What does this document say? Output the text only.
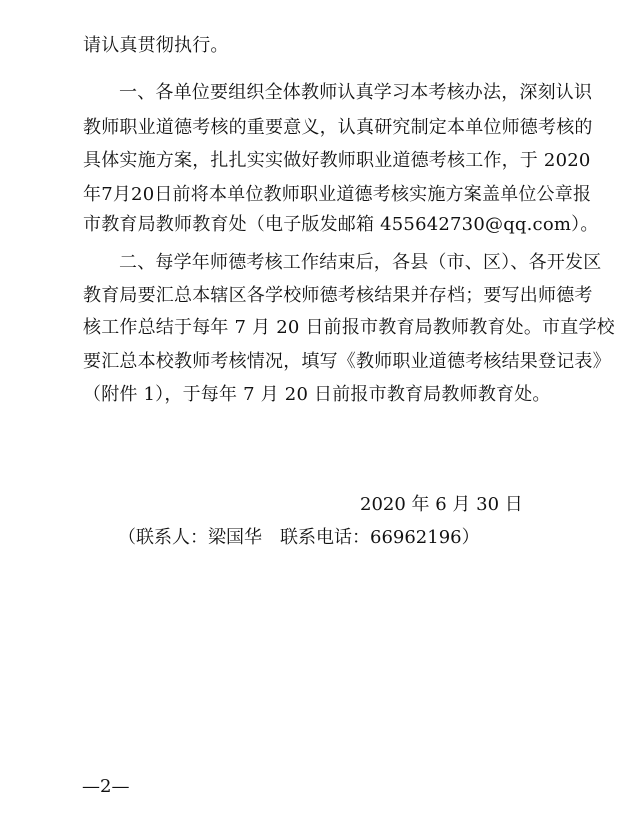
请认真贯彻执行。
一、各单位要组织全体教师认真学习本考核办法，深刻认识
教师职业道德考核的重要意义，认真研究制定本单位师德考核的
具体实施方案，扎扎实实做好教师职业道德考核工作，于 2020
年7月20日前将本单位教师职业道德考核实施方案盖单位公章报
市教育局教师教育处（电子版发邮箱 455642730@qq.com）。
二、每学年师德考核工作结束后，各县（市、区）、各开发区
教育局要汇总本辖区各学校师德考核结果并存档；要写出师德考
核工作总结于每年 7 月 20 日前报市教育局教师教育处。市直学校
要汇总本校教师考核情况，填写《教师职业道德考核结果登记表》
（附件 1），于每年 7 月 20 日前报市教育局教师教育处。
2020 年 6 月 30 日
（联系人：梁国华　联系电话：66962196）
—2—
